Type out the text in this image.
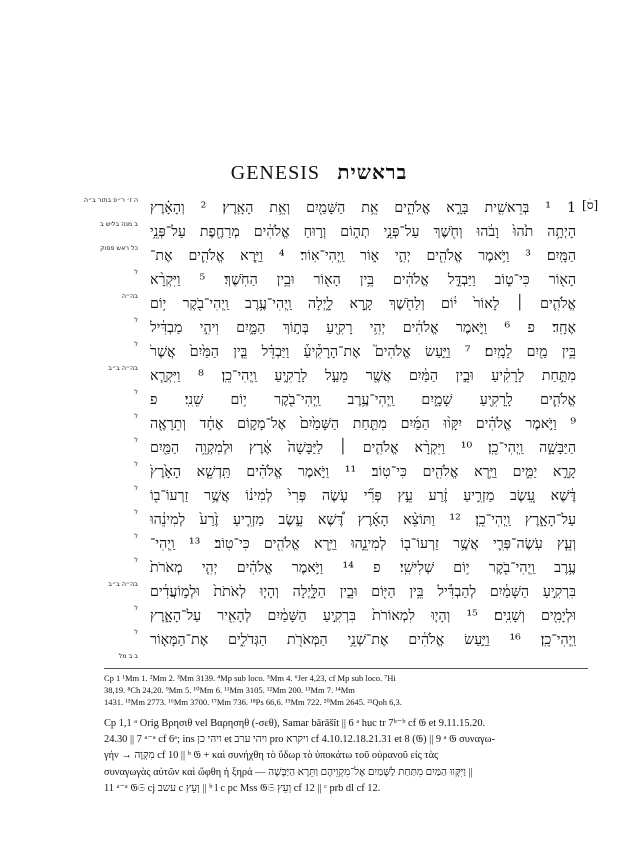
GENESIS בראשית
[סׄ]
ה ז׳ ר״פ בתור ב״ה
ב מנה בליש ב
כל ראש פסוק
ל
בה״ה
ל
ל
בה״ה ב״ב
ל
ל
ל
ל
ל
ל
ל
ל
בה״ה ב״ב
ל
ל
ב ב מל
1 ¹ בְּרֵאשִׁ֖ית בָּרָ֣א אֱלֹהִ֑ים אֵ֥ת הַשָּׁמַ֖יִם וְאֵ֥ת הָאָֽרֶץ׃ ² וְהָאָ֗רֶץ
הָיְתָ֥ה תֹ֙הוּ֙ וָבֹ֔הוּ וְחֹ֖שֶׁךְ עַל־פְּנֵ֣י תְה֑וֹם וְר֣וּחַ אֱלֹהִ֔ים מְרַחֶ֖פֶת עַל־פְּנֵ֥י
הַמָּֽיִם׃ ³ וַיֹּ֥אמֶר אֱלֹהִ֖ים יְהִ֣י א֑וֹר וַֽיְהִי־אֽוֹר׃ ⁴ וַיַּ֧רְא אֱלֹהִ֛ים אֶת־
הָא֖וֹר כִּי־ט֑וֹב וַיַּבְדֵּ֣ל אֱלֹהִ֔ים בֵּ֥ין הָא֖וֹר וּבֵ֥ין הַחֹֽשֶׁךְ׃ ⁵ וַיִּקְרָ֨א
אֱלֹהִ֤ים ׀ לָאוֹר֙ י֔וֹם וְלַחֹ֖שֶׁךְ קָ֣רָא לָ֑יְלָה וַֽיְהִי־עֶ֥רֶב וַֽיְהִי־בֹ֖קֶר י֥וֹם
אֶחָֽד׃ פ ⁶ וַיֹּ֣אמֶר אֱלֹהִ֔ים יְהִ֥י רָקִ֖יעַ בְּת֣וֹךְ הַמָּ֑יִם וִיהִ֣י מַבְדִּ֔יל
בֵּ֥ין מַ֖יִם לָמָֽיִם׃ ⁷ וַיַּ֣עַשׂ אֱלֹהִים֮ אֶת־הָרָקִ֒יעַ֒ וַיַּבְדֵּ֗ל בֵּ֤ין הַמַּ֙יִם֙ אֲשֶׁר֙
מִתַּ֣חַת לָרָקִ֔יעַ וּבֵ֣ין הַמַּ֔יִם אֲשֶׁ֖ר מֵעַ֣ל לָרָקִ֑יעַ וַֽיְהִי־כֵֽן׃ ⁸ וַיִּקְרָ֧א
אֱלֹהִ֛ים לָֽרָקִ֖יעַ שָׁמָ֑יִם וַֽיְהִי־עֶ֥רֶב וַֽיְהִי־בֹ֖קֶר י֥וֹם שֵׁנִֽי׃ פ
⁹ וַיֹּ֣אמֶר אֱלֹהִ֗ים יִקָּו֨וּ הַמַּ֜יִם מִתַּ֤חַת הַשָּׁמַ֙יִם֙ אֶל־מָק֣וֹם אֶחָ֔ד וְתֵרָאֶ֖ה
הַיַּבָּשָׁ֑ה וַֽיְהִי־כֵֽן׃ ¹⁰ וַיִּקְרָ֨א אֱלֹהִ֤ים ׀ לַיַּבָּשָׁה֙ אֶ֔רֶץ וּלְמִקְוֵ֥ה הַמַּ֖יִם
קָרָ֣א יַמִּ֑ים וַיַּ֥רְא אֱלֹהִ֖ים כִּי־טֽוֹב׃ ¹¹ וַיֹּ֣אמֶר אֱלֹהִ֗ים תַּֽדְשֵׁ֤א הָאָ֙רֶץ֙
דֶּ֔שֶׁא עֵ֚שֶׂב מַזְרִ֣יעַ זֶ֔רַע עֵ֣ץ פְּרִ֞י עֹ֤שֶׂה פְּרִי֙ לְמִינ֔וֹ אֲשֶׁ֥ר זַרְעוֹ־ב֖וֹ
עַל־הָאָ֑רֶץ וַֽיְהִי־כֵֽן׃ ¹² וַתּוֹצֵ֨א הָאָ֜רֶץ דֶּ֠שֶׁא עֵ֣שֶׂב מַזְרִ֤יעַ זֶ֙רַע֙ לְמִינֵ֔הוּ
וְעֵ֧ץ עֹֽשֶׂה־פְּרִ֛י אֲשֶׁ֥ר זַרְעוֹ־ב֖וֹ לְמִינֵ֑הוּ וַיַּ֥רְא אֱלֹהִ֖ים כִּי־טֽוֹב׃ ¹³ וַֽיְהִי־
עֶ֥רֶב וַֽיְהִי־בֹ֖קֶר י֥וֹם שְׁלִישִֽׁי׃ פ ¹⁴ וַיֹּ֣אמֶר אֱלֹהִ֗ים יְהִ֤י מְאֹרֹת֙
בִּרְקִ֣יעַ הַשָּׁמַ֔יִם לְהַבְדִּ֕יל בֵּ֥ין הַיּ֖וֹם וּבֵ֣ין הַלָּ֑יְלָה וְהָי֤וּ לְאֹתֹת֙ וּלְמ֣וֹעֲדִ֔ים
וּלְיָמִ֖ים וְשָׁנִֽים׃ ¹⁵ וְהָי֤וּ לִמְאוֹרֹת֙ בִּרְקִ֣יעַ הַשָּׁמַ֔יִם לְהָאִ֖יר עַל־הָאָ֑רֶץ
וַֽיְהִי־כֵֽן׃ ¹⁶ וַיַּ֣עַשׂ אֱלֹהִ֔ים אֶת־שְׁנֵ֥י הַמְּאֹרֹ֖ת הַגְּדֹלִ֑ים אֶת־הַמָּא֤וֹר
Cp 1 ¹Mm 1. ²Mm 2. ³Mm 3139. ⁴Mp sub loco. ⁵Mm 4. ⁶Jer 4,23, cf Mp sub loco. ⁷Hi
38,19. ⁸Ch 24,20. ⁹Mm 5. ¹⁰Mm 6. ¹¹Mm 3105. ¹²Mm 200. ¹³Mm 7. ¹⁴Mm
1431. ¹⁵Mm 2773. ¹⁶Mm 3700. ¹⁷Mm 736. ¹⁸Ps 66,6. ¹⁹Mm 722. ²⁰Mm 2645. ²¹Qoh 6,3.
Cp 1,1 ᵃ Orig Βρησιθ vel Βαρησηθ (-σεθ), Samar bārāšît || 6 ᵃ huc tr 7ᵇ⁻ᵇ cf 𝔊 et 9.11.15.20.
24.30 || 7 ᵃ⁻ᵃ cf 6ᵃ; ins ויהי כן et ויהי ערב pro ויקרא cf 4.10.12.18.21.31 et 8 (𝔊) || 9 ᵃ 𝔊 συναγω-
γήν → מִקְוֶה cf 10 || ᵇ 𝔊 + καὶ συνήχθη τὸ ὕδωρ τὸ ὑποκάτω τοῦ οὐρανοῦ εἰς τὰς
συναγωγὰς αὐτῶν καὶ ὤφθη ἡ ξηρά — וַיִּקָּווּ הַמַּיִם מִתַּחַת לַשָּׁמַיִם אֶל־מִקְוֵיהֶם וַתֵּרָא הַיַּבָּשָׁה ||
11 ᵃ⁻ᵃ 𝔊𝔖 cj עשב c וְעֵץ || ᵇ l c pc Mss 𝔊𝔖 וְעֵץ cf 12 || ᶜ prb dl cf 12.
